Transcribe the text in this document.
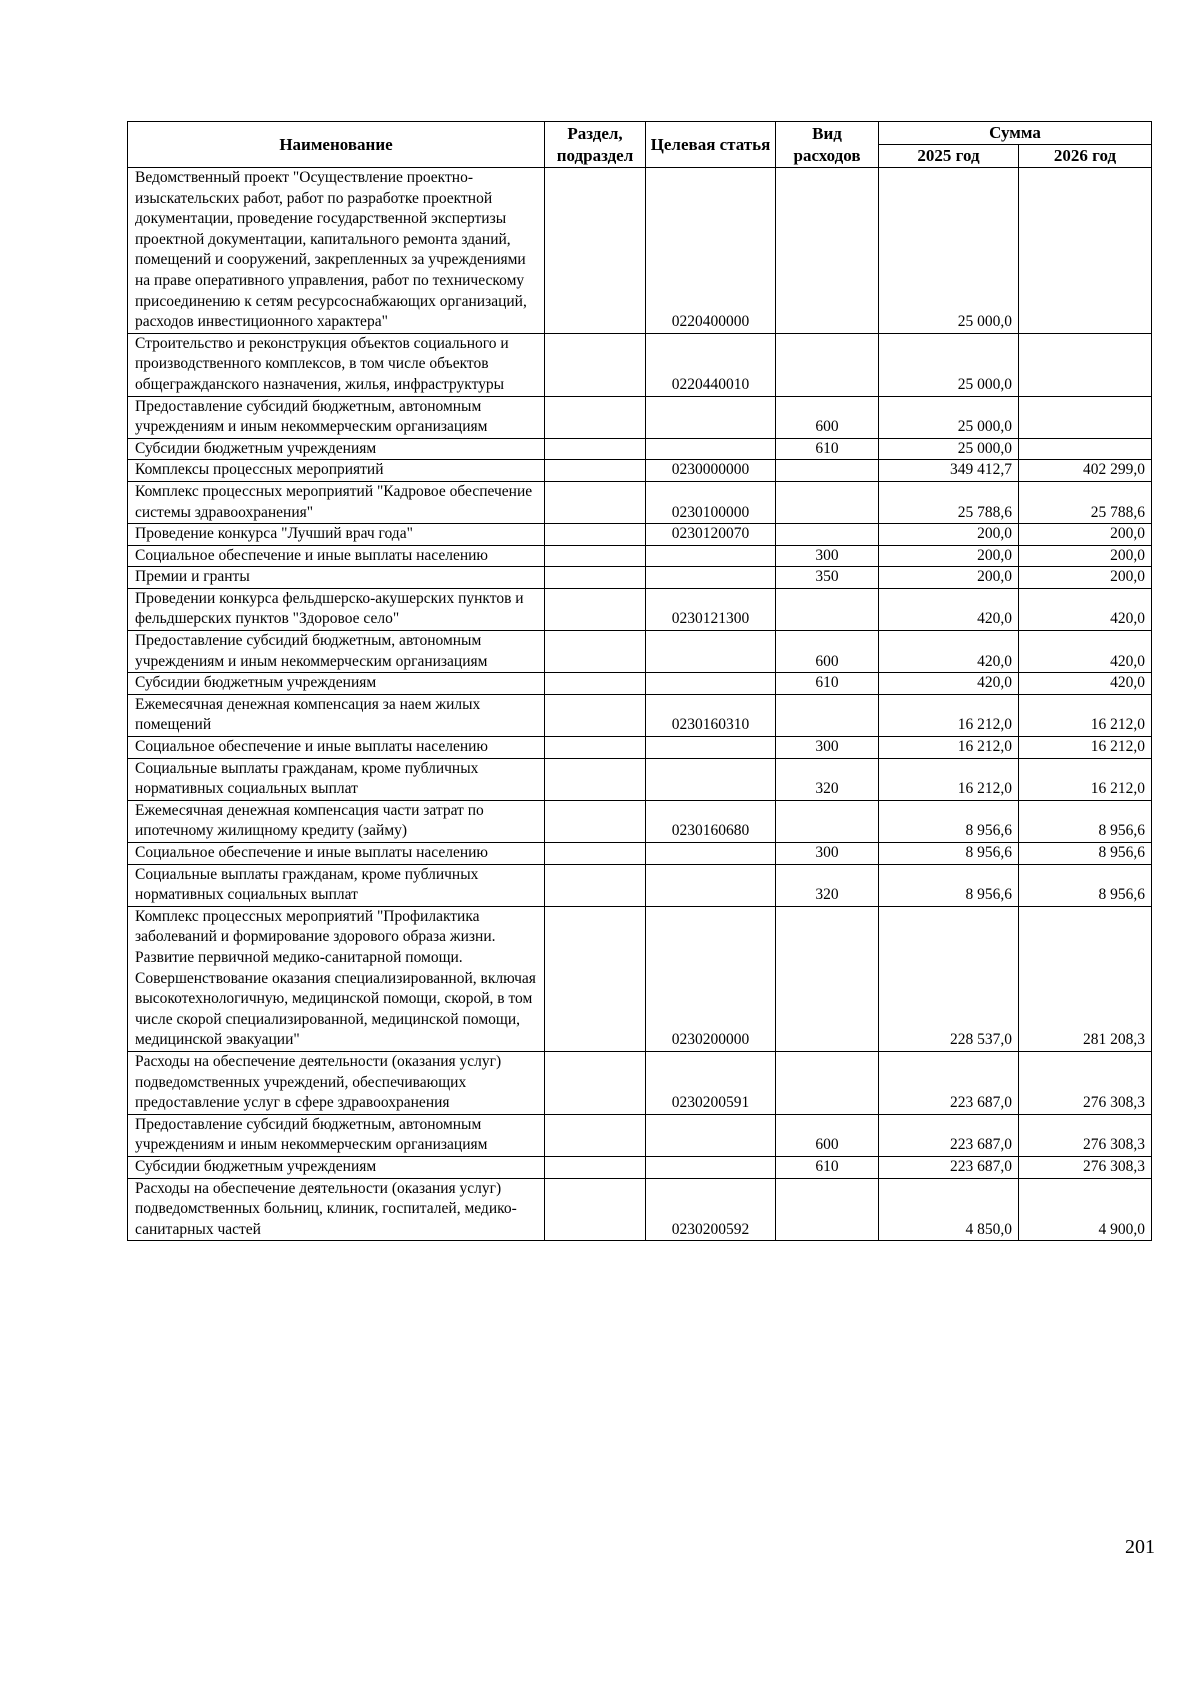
Наименование	Раздел, подраздел	Целевая статья	Вид расходов	Сумма	
				2025 год	2026 год
Ведомственный проект "Осуществление проектно-изыскательских работ, работ по разработке проектной документации, проведение государственной экспертизы проектной документации, капитального ремонта зданий, помещений и сооружений, закрепленных за учреждениями на праве оперативного управления, работ по техническому присоединению к сетям ресурсоснабжающих организаций, расходов инвестиционного характера"		0220400000		25 000,0	
Строительство и реконструкция объектов социального и производственного комплексов, в том числе объектов общегражданского назначения, жилья, инфраструктуры		0220440010		25 000,0	
Предоставление субсидий бюджетным, автономным учреждениям и иным некоммерческим организациям			600	25 000,0	
Субсидии бюджетным учреждениям			610	25 000,0	
Комплексы процессных мероприятий		0230000000		349 412,7	402 299,0
Комплекс процессных мероприятий "Кадровое обеспечение системы здравоохранения"		0230100000		25 788,6	25 788,6
Проведение конкурса "Лучший врач года"		0230120070		200,0	200,0
Социальное обеспечение и иные выплаты населению			300	200,0	200,0
Премии и гранты			350	200,0	200,0
Проведении конкурса фельдшерско-акушерских пунктов и фельдшерских пунктов "Здоровое село"		0230121300		420,0	420,0
Предоставление субсидий бюджетным, автономным учреждениям и иным некоммерческим организациям			600	420,0	420,0
Субсидии бюджетным учреждениям			610	420,0	420,0
Ежемесячная денежная компенсация за наем жилых помещений		0230160310		16 212,0	16 212,0
Социальное обеспечение и иные выплаты населению			300	16 212,0	16 212,0
Социальные выплаты гражданам, кроме публичных нормативных социальных выплат			320	16 212,0	16 212,0
Ежемесячная денежная компенсация части затрат по ипотечному жилищному кредиту (займу)		0230160680		8 956,6	8 956,6
Социальное обеспечение и иные выплаты населению			300	8 956,6	8 956,6
Социальные выплаты гражданам, кроме публичных нормативных социальных выплат			320	8 956,6	8 956,6
Комплекс процессных мероприятий "Профилактика заболеваний и формирование здорового образа жизни. Развитие первичной медико-санитарной помощи. Совершенствование оказания специализированной, включая высокотехнологичную, медицинской помощи, скорой, в том числе скорой специализированной, медицинской помощи, медицинской эвакуации"		0230200000		228 537,0	281 208,3
Расходы на обеспечение деятельности (оказания услуг) подведомственных учреждений, обеспечивающих предоставление услуг в сфере здравоохранения		0230200591		223 687,0	276 308,3
Предоставление субсидий бюджетным, автономным учреждениям и иным некоммерческим организациям			600	223 687,0	276 308,3
Субсидии бюджетным учреждениям			610	223 687,0	276 308,3
Расходы на обеспечение деятельности (оказания услуг) подведомственных больниц, клиник, госпиталей, медико-санитарных частей		0230200592		4 850,0	4 900,0
201
